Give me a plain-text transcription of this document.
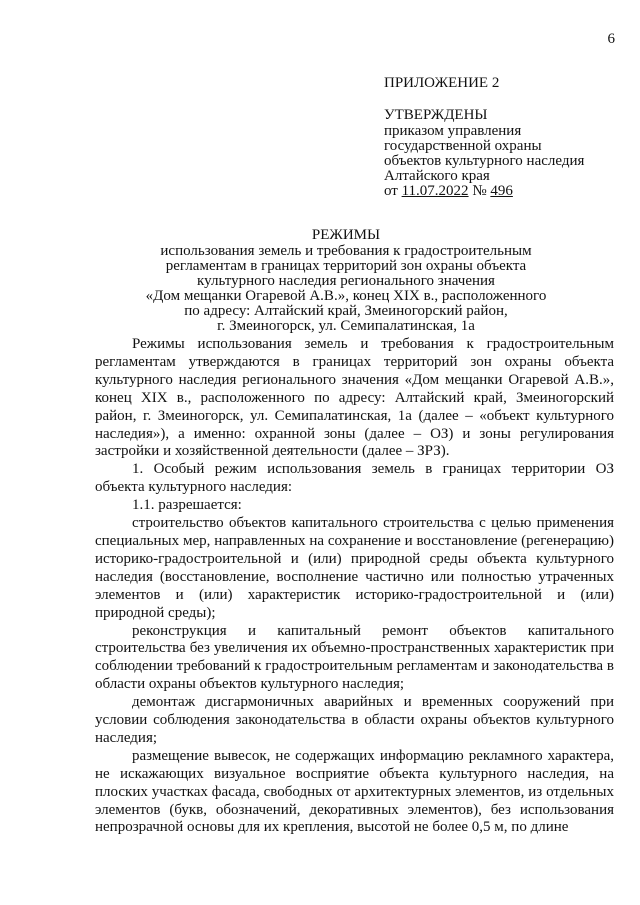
6
ПРИЛОЖЕНИЕ 2
УТВЕРЖДЕНЫ
приказом управления
государственной охраны
объектов культурного наследия
Алтайского края
от 11.07.2022 № 496
РЕЖИМЫ
использования земель и требования к градостроительным
регламентам в границах территорий зон охраны объекта
культурного наследия регионального значения
«Дом мещанки Огаревой А.В.», конец XIX в., расположенного
по адресу: Алтайский край, Змеиногорский район,
г. Змеиногорск, ул. Семипалатинская, 1а

Режимы использования земель и требования к градостроительным регламентам утверждаются в границах территорий зон охраны объекта культурного наследия регионального значения «Дом мещанки Огаревой А.В.», конец XIX в., расположенного по адресу: Алтайский край, Змеиногорский район, г. Змеиногорск, ул. Семипалатинская, 1а (далее – «объект культурного наследия»), а именно: охранной зоны (далее – ОЗ) и зоны регулирования застройки и хозяйственной деятельности (далее – ЗРЗ).

1. Особый режим использования земель в границах территории ОЗ объекта культурного наследия:

1.1. разрешается:

строительство объектов капитального строительства с целью применения специальных мер, направленных на сохранение и восстановление (регенерацию) историко-градостроительной и (или) природной среды объекта культурного наследия (восстановление, восполнение частично или полностью утраченных элементов и (или) характеристик историко-градостроительной и (или) природной среды);

реконструкция и капитальный ремонт объектов капитального строительства без увеличения их объемно-пространственных характеристик при соблюдении требований к градостроительным регламентам и законодательства в области охраны объектов культурного наследия;

демонтаж дисгармоничных аварийных и временных сооружений при условии соблюдения законодательства в области охраны объектов культурного наследия;

размещение вывесок, не содержащих информацию рекламного характера, не искажающих визуальное восприятие объекта культурного наследия, на плоских участках фасада, свободных от архитектурных элементов, из отдельных элементов (букв, обозначений, декоративных элементов), без использования непрозрачной основы для их крепления, высотой не более 0,5 м, по длине
